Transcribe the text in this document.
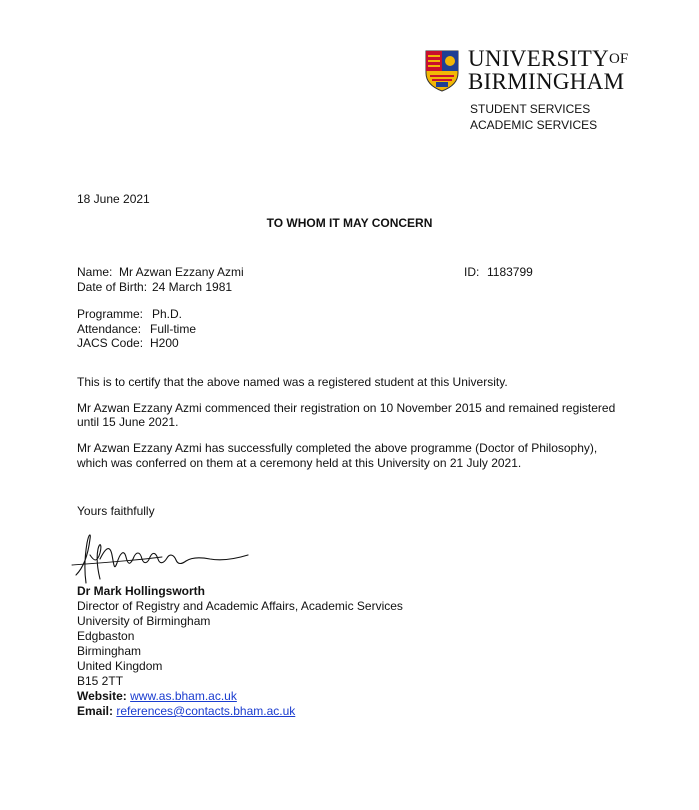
$UNIVERSITY^{OF}$
BIRMINGHAM
STUDENT SERVICES
ACADEMIC SERVICES
18 June 2021
TO WHOM IT MAY CONCERN
Name: Mr Azwan Ezzany Azmi	ID: 1183799
Date of Birth: 24 March 1981
Programme: Ph.D.
Attendance: Full-time
JACS Code: H200
This is to certify that the above named was a registered student at this University.
Mr Azwan Ezzany Azmi commenced their registration on 10 November 2015 and remained registered
until 15 June 2021.
Mr Azwan Ezzany Azmi has successfully completed the above programme (Doctor of Philosophy),
which was conferred on them at a ceremony held at this University on 21 July 2021.
Yours faithfully
Dr Mark Hollingsworth
Director of Registry and Academic Affairs, Academic Services
University of Birmingham
Edgbaston
Birmingham
United Kingdom
B15 2TT
Website: www.as.bham.ac.uk
Email: references@contacts.bham.ac.uk
